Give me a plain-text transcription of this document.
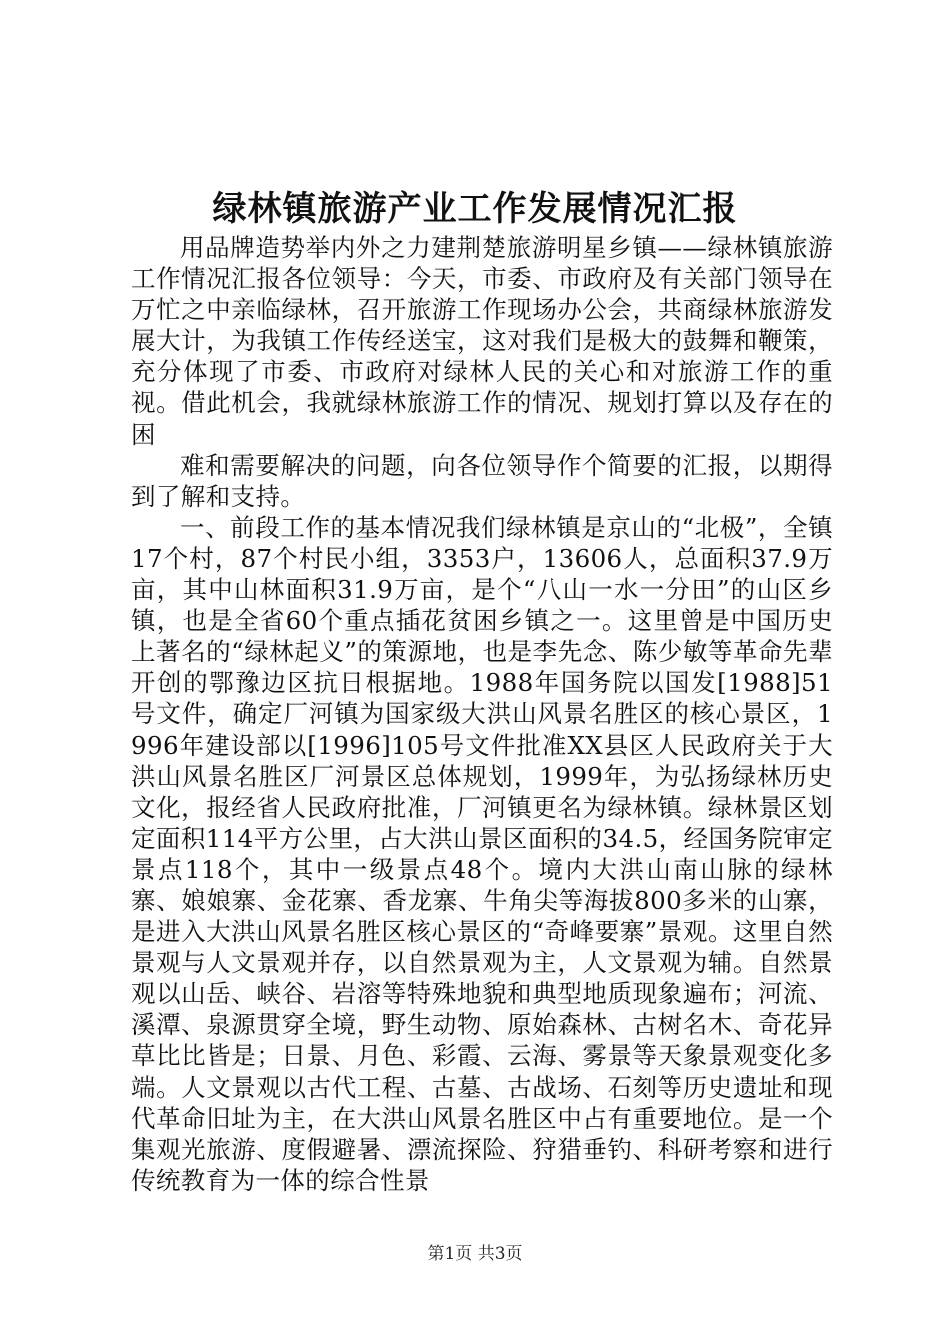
绿林镇旅游产业工作发展情况汇报

用品牌造势举内外之力建荆楚旅游明星乡镇——绿林镇旅游工作情况汇报各位领导：今天，市委、市政府及有关部门领导在万忙之中亲临绿林，召开旅游工作现场办公会，共商绿林旅游发展大计，为我镇工作传经送宝，这对我们是极大的鼓舞和鞭策，充分体现了市委、市政府对绿林人民的关心和对旅游工作的重视。借此机会，我就绿林旅游工作的情况、规划打算以及存在的困

难和需要解决的问题，向各位领导作个简要的汇报，以期得到了解和支持。

一、前段工作的基本情况我们绿林镇是京山的“北极”，全镇17个村，87个村民小组，3353户，13606人，总面积37.9万亩，其中山林面积31.9万亩，是个“八山一水一分田”的山区乡镇，也是全省60个重点插花贫困乡镇之一。这里曾是中国历史上著名的“绿林起义”的策源地，也是李先念、陈少敏等革命先辈开创的鄂豫边区抗日根据地。1988年国务院以国发[1988]51号文件，确定厂河镇为国家级大洪山风景名胜区的核心景区，1996年建设部以[1996]105号文件批准XX县区人民政府关于大洪山风景名胜区厂河景区总体规划，1999年，为弘扬绿林历史文化，报经省人民政府批准，厂河镇更名为绿林镇。绿林景区划定面积114平方公里，占大洪山景区面积的34.5，经国务院审定景点118个，其中一级景点48个。境内大洪山南山脉的绿林寨、娘娘寨、金花寨、香龙寨、牛角尖等海拔800多米的山寨，是进入大洪山风景名胜区核心景区的“奇峰要寨”景观。这里自然景观与人文景观并存，以自然景观为主，人文景观为辅。自然景观以山岳、峡谷、岩溶等特殊地貌和典型地质现象遍布；河流、溪潭、泉源贯穿全境，野生动物、原始森林、古树名木、奇花异草比比皆是；日景、月色、彩霞、云海、雾景等天象景观变化多端。人文景观以古代工程、古墓、古战场、石刻等历史遗址和现代革命旧址为主，在大洪山风景名胜区中占有重要地位。是一个集观光旅游、度假避暑、漂流探险、狩猎垂钓、科研考察和进行传统教育为一体的综合性景

第1页 共3页
